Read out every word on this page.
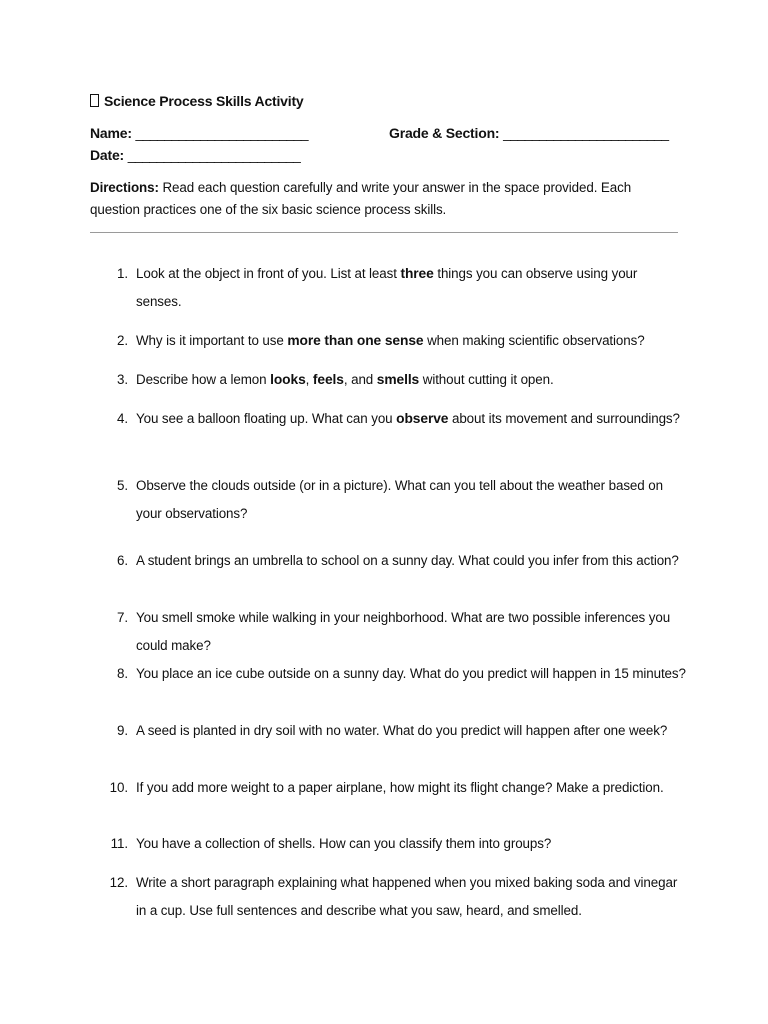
Science Process Skills Activity
Name: ________________________	Grade & Section: _______________________
Date: ________________________
Directions: Read each question carefully and write your answer in the space provided. Each question practices one of the six basic science process skills.
1. Look at the object in front of you. List at least three things you can observe using your senses.
2. Why is it important to use more than one sense when making scientific observations?
3. Describe how a lemon looks, feels, and smells without cutting it open.
4. You see a balloon floating up. What can you observe about its movement and surroundings?
5. Observe the clouds outside (or in a picture). What can you tell about the weather based on your observations?
6. A student brings an umbrella to school on a sunny day. What could you infer from this action?
7. You smell smoke while walking in your neighborhood. What are two possible inferences you could make?
8. You place an ice cube outside on a sunny day. What do you predict will happen in 15 minutes?
9. A seed is planted in dry soil with no water. What do you predict will happen after one week?
10. If you add more weight to a paper airplane, how might its flight change? Make a prediction.
11. You have a collection of shells. How can you classify them into groups?
12. Write a short paragraph explaining what happened when you mixed baking soda and vinegar in a cup. Use full sentences and describe what you saw, heard, and smelled.
